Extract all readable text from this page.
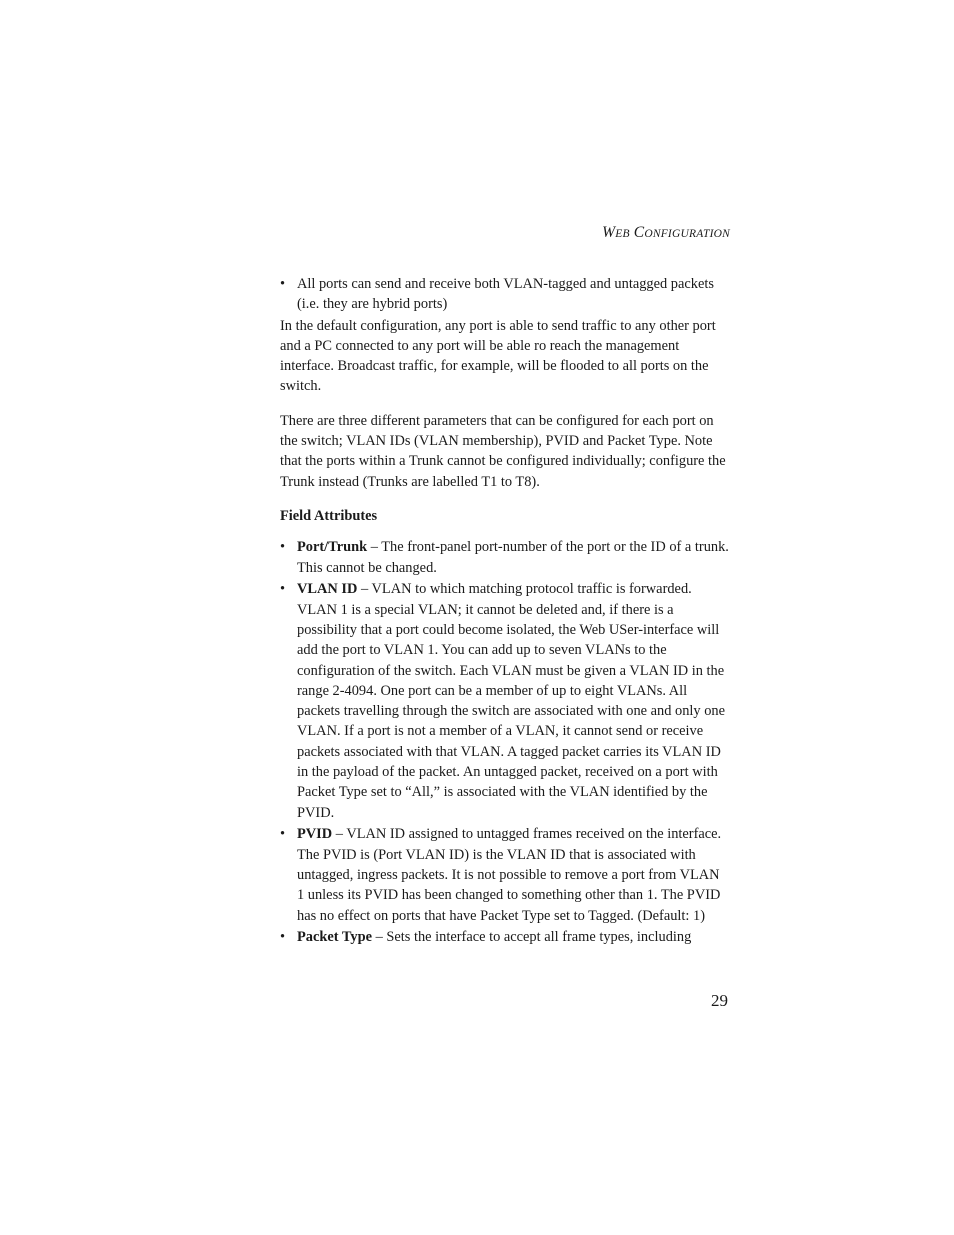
WEB CONFIGURATION
• All ports can send and receive both VLAN-tagged and untagged packets (i.e. they are hybrid ports)

In the default configuration, any port is able to send traffic to any other port and a PC connected to any port will be able ro reach the management interface. Broadcast traffic, for example, will be flooded to all ports on the switch.

There are three different parameters that can be configured for each port on the switch; VLAN IDs (VLAN membership), PVID and Packet Type. Note that the ports within a Trunk cannot be configured individually; configure the Trunk instead (Trunks are labelled T1 to T8).

Field Attributes

• Port/Trunk – The front-panel port-number of the port or the ID of a trunk. This cannot be changed.
• VLAN ID – VLAN to which matching protocol traffic is forwarded. VLAN 1 is a special VLAN; it cannot be deleted and, if there is a possibility that a port could become isolated, the Web USer-interface will add the port to VLAN 1. You can add up to seven VLANs to the configuration of the switch. Each VLAN must be given a VLAN ID in the range 2-4094. One port can be a member of up to eight VLANs. All packets travelling through the switch are associated with one and only one VLAN. If a port is not a member of a VLAN, it cannot send or receive packets associated with that VLAN. A tagged packet carries its VLAN ID in the payload of the packet. An untagged packet, received on a port with Packet Type set to “All,” is associated with the VLAN identified by the PVID.
• PVID – VLAN ID assigned to untagged frames received on the interface. The PVID is (Port VLAN ID) is the VLAN ID that is associated with untagged, ingress packets. It is not possible to remove a port from VLAN 1 unless its PVID has been changed to something other than 1. The PVID has no effect on ports that have Packet Type set to Tagged. (Default: 1)
• Packet Type – Sets the interface to accept all frame types, including
29
